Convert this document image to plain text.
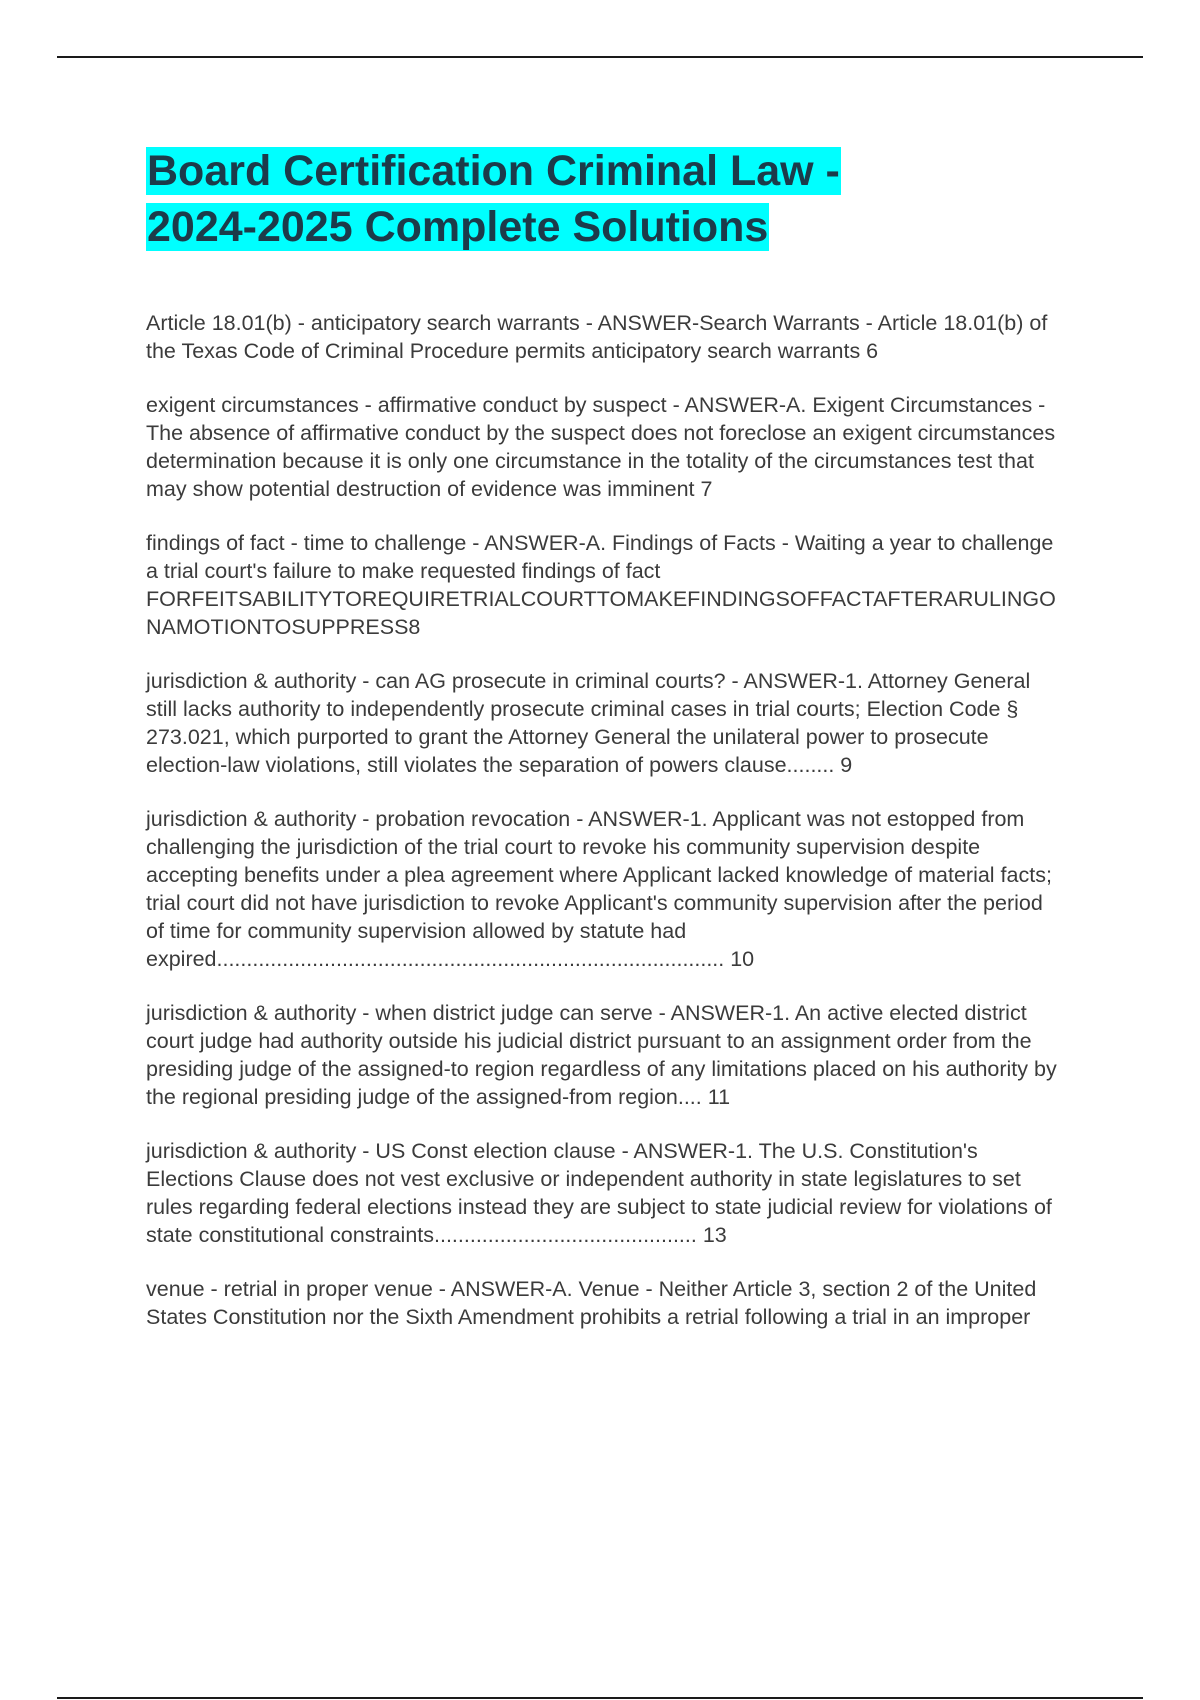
Board Certification Criminal Law -
2024-2025 Complete Solutions

Article 18.01(b) - anticipatory search warrants - ANSWER-Search Warrants - Article 18.01(b) of the Texas Code of Criminal Procedure permits anticipatory search warrants 6

exigent circumstances - affirmative conduct by suspect - ANSWER-A. Exigent Circumstances - The absence of affirmative conduct by the suspect does not foreclose an exigent circumstances determination because it is only one circumstance in the totality of the circumstances test that may show potential destruction of evidence was imminent 7

findings of fact - time to challenge - ANSWER-A. Findings of Facts - Waiting a year to challenge a trial court's failure to make requested findings of fact FORFEITSABILITYTOREQUIRETRIALCOURTTOMAKEFINDINGSOFFACTAFTERARULINGONAMOTIONTOSUPPRESS8

jurisdiction & authority - can AG prosecute in criminal courts? - ANSWER-1. Attorney General still lacks authority to independently prosecute criminal cases in trial courts; Election Code § 273.021, which purported to grant the Attorney General the unilateral power to prosecute election-law violations, still violates the separation of powers clause........ 9

jurisdiction & authority - probation revocation - ANSWER-1. Applicant was not estopped from challenging the jurisdiction of the trial court to revoke his community supervision despite accepting benefits under a plea agreement where Applicant lacked knowledge of material facts; trial court did not have jurisdiction to revoke Applicant's community supervision after the period of time for community supervision allowed by statute had expired..................................................................................... 10

jurisdiction & authority - when district judge can serve - ANSWER-1. An active elected district court judge had authority outside his judicial district pursuant to an assignment order from the presiding judge of the assigned-to region regardless of any limitations placed on his authority by the regional presiding judge of the assigned-from region.... 11

jurisdiction & authority - US Const election clause - ANSWER-1. The U.S. Constitution's Elections Clause does not vest exclusive or independent authority in state legislatures to set rules regarding federal elections instead they are subject to state judicial review for violations of state constitutional constraints............................................ 13

venue - retrial in proper venue - ANSWER-A. Venue - Neither Article 3, section 2 of the United States Constitution nor the Sixth Amendment prohibits a retrial following a trial in an improper
